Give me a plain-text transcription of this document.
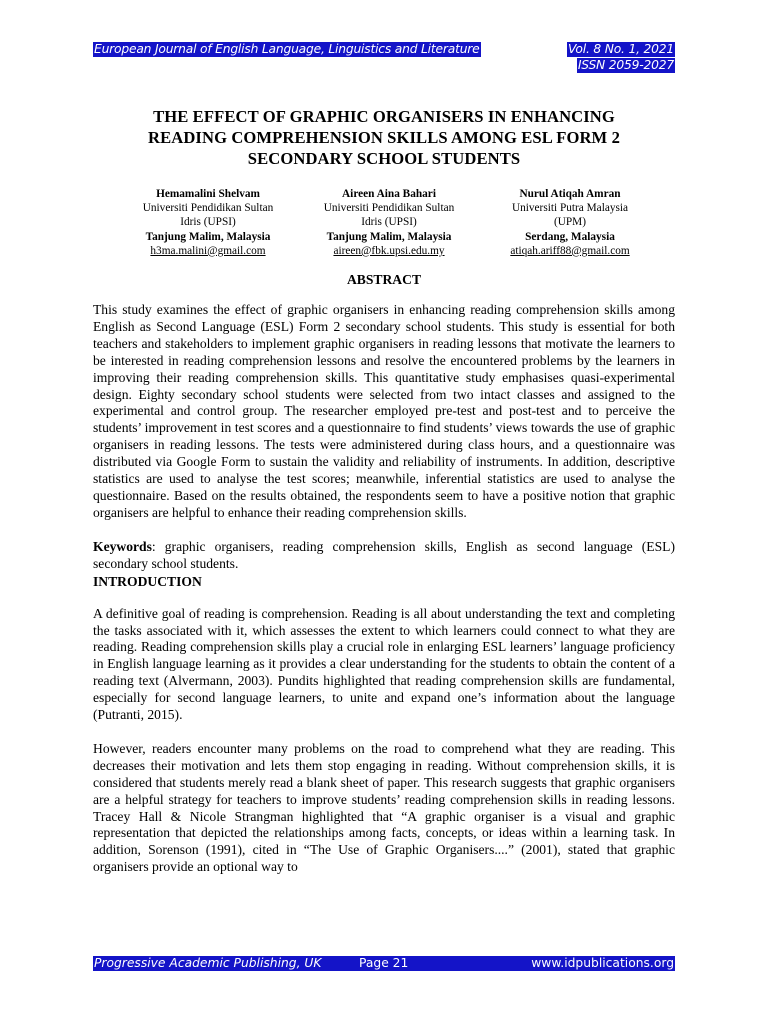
European Journal of English Language, Linguistics and Literature	Vol. 8 No. 1, 2021
ISSN 2059-2027
THE EFFECT OF GRAPHIC ORGANISERS IN ENHANCING
READING COMPREHENSION SKILLS AMONG ESL FORM 2
SECONDARY SCHOOL STUDENTS
Hemamalini Shelvam
Universiti Pendidikan Sultan
Idris (UPSI)
Tanjung Malim, Malaysia
h3ma.malini@gmail.com
Aireen Aina Bahari
Universiti Pendidikan Sultan
Idris (UPSI)
Tanjung Malim, Malaysia
aireen@fbk.upsi.edu.my
Nurul Atiqah Amran
Universiti Putra Malaysia
(UPM)
Serdang, Malaysia
atiqah.ariff88@gmail.com
ABSTRACT

This study examines the effect of graphic organisers in enhancing reading comprehension skills among English as Second Language (ESL) Form 2 secondary school students. This study is essential for both teachers and stakeholders to implement graphic organisers in reading lessons that motivate the learners to be interested in reading comprehension lessons and resolve the encountered problems by the learners in improving their reading comprehension skills. This quantitative study emphasises quasi-experimental design. Eighty secondary school students were selected from two intact classes and assigned to the experimental and control group. The researcher employed pre-test and post-test and to perceive the students’ improvement in test scores and a questionnaire to find students’ views towards the use of graphic organisers in reading lessons. The tests were administered during class hours, and a questionnaire was distributed via Google Form to sustain the validity and reliability of instruments. In addition, descriptive statistics are used to analyse the test scores; meanwhile, inferential statistics are used to analyse the questionnaire. Based on the results obtained, the respondents seem to have a positive notion that graphic organisers are helpful to enhance their reading comprehension skills.

Keywords: graphic organisers, reading comprehension skills, English as second language (ESL) secondary school students.

INTRODUCTION

A definitive goal of reading is comprehension. Reading is all about understanding the text and completing the tasks associated with it, which assesses the extent to which learners could connect to what they are reading. Reading comprehension skills play a crucial role in enlarging ESL learners’ language proficiency in English language learning as it provides a clear understanding for the students to obtain the content of a reading text (Alvermann, 2003). Pundits highlighted that reading comprehension skills are fundamental, especially for second language learners, to unite and expand one’s information about the language (Putranti, 2015).

However, readers encounter many problems on the road to comprehend what they are reading. This decreases their motivation and lets them stop engaging in reading. Without comprehension skills, it is considered that students merely read a blank sheet of paper. This research suggests that graphic organisers are a helpful strategy for teachers to improve students’ reading comprehension skills in reading lessons. Tracey Hall & Nicole Strangman highlighted that “A graphic organiser is a visual and graphic representation that depicted the relationships among facts, concepts, or ideas within a learning task. In addition, Sorenson (1991), cited in “The Use of Graphic Organisers....” (2001), stated that graphic organisers provide an optional way to

Progressive Academic Publishing, UK	Page 21	www.idpublications.org
